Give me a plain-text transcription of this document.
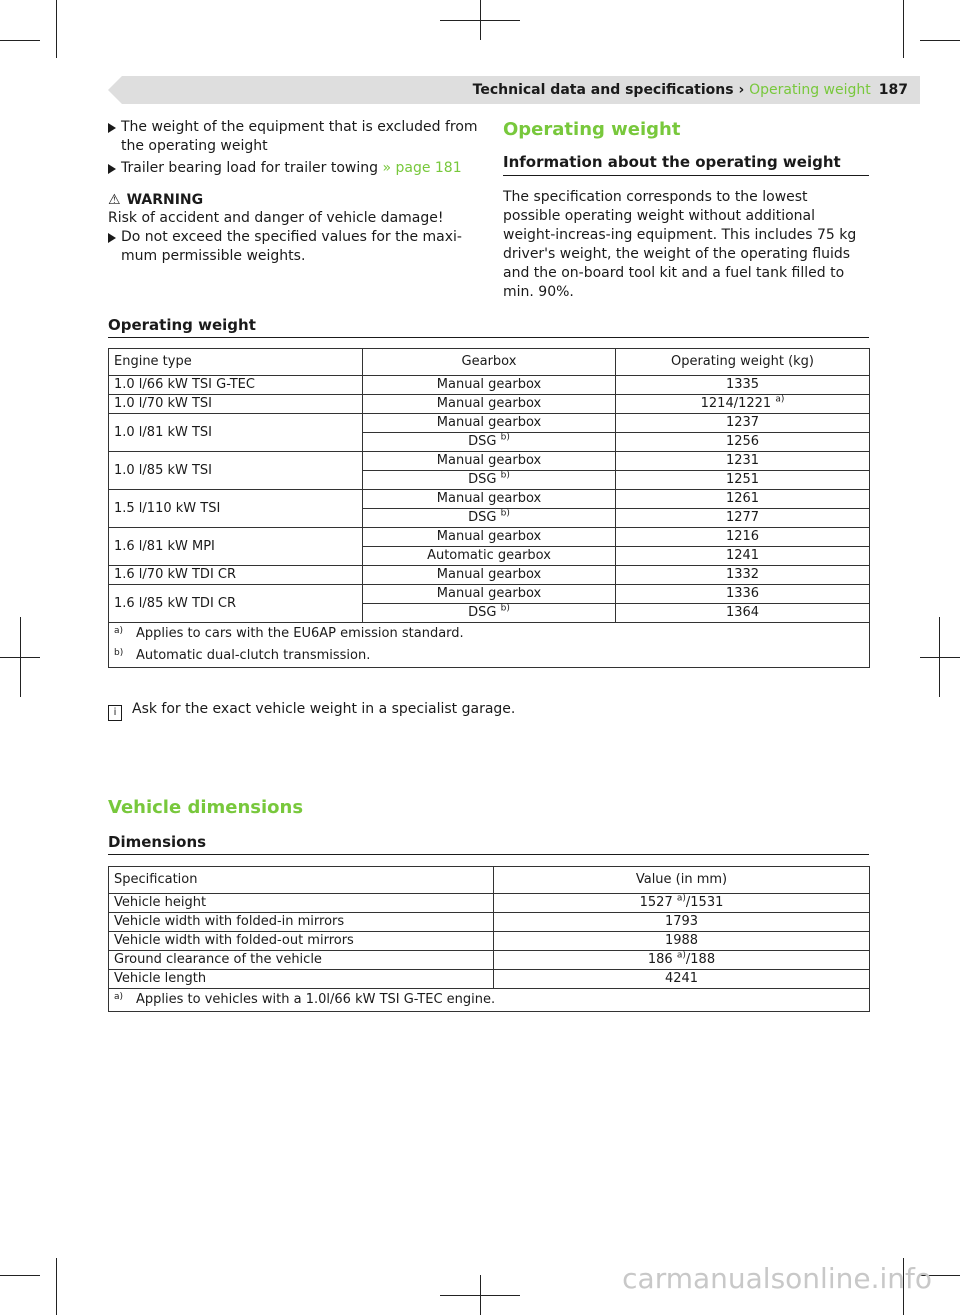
Technical data and specifications › Operating weight 187
The weight of the equipment that is excluded from the operating weight
Trailer bearing load for trailer towing » page 181
⚠ WARNING
Risk of accident and danger of vehicle damage!
Do not exceed the specified values for the maxi-mum permissible weights.
Operating weight
Information about the operating weight
The specification corresponds to the lowest possible operating weight without additional weight-increas-ing equipment. This includes 75 kg driver's weight, the weight of the operating fluids and the on-board tool kit and a fuel tank filled to min. 90%.
Operating weight
Engine type	Gearbox	Operating weight (kg)
1.0 l/66 kW TSI G-TEC	Manual gearbox	1335
1.0 l/70 kW TSI	Manual gearbox	1214/1221 $^{a)}$
1.0 l/81 kW TSI	Manual gearbox	1237
	DSG $^{b)}$	1256
1.0 l/85 kW TSI	Manual gearbox	1231
	DSG $^{b)}$	1251
1.5 l/110 kW TSI	Manual gearbox	1261
	DSG $^{b)}$	1277
1.6 l/81 kW MPI	Manual gearbox	1216
	Automatic gearbox	1241
1.6 l/70 kW TDI CR	Manual gearbox	1332
1.6 l/85 kW TDI CR	Manual gearbox	1336
	DSG $^{b)}$	1364

a) Applies to cars with the EU6AP emission standard.
b) Automatic dual-clutch transmission.		
i Ask for the exact vehicle weight in a specialist garage.
Vehicle dimensions
Dimensions
Specification	Value (in mm)
Vehicle height	1527 $^{a)}$/1531
Vehicle width with folded-in mirrors	1793
Vehicle width with folded-out mirrors	1988
Ground clearance of the vehicle	186 $^{a)}$/188
Vehicle length	4241

a) Applies to vehicles with a 1.0l/66 kW TSI G-TEC engine.	
carmanualsonline.info
